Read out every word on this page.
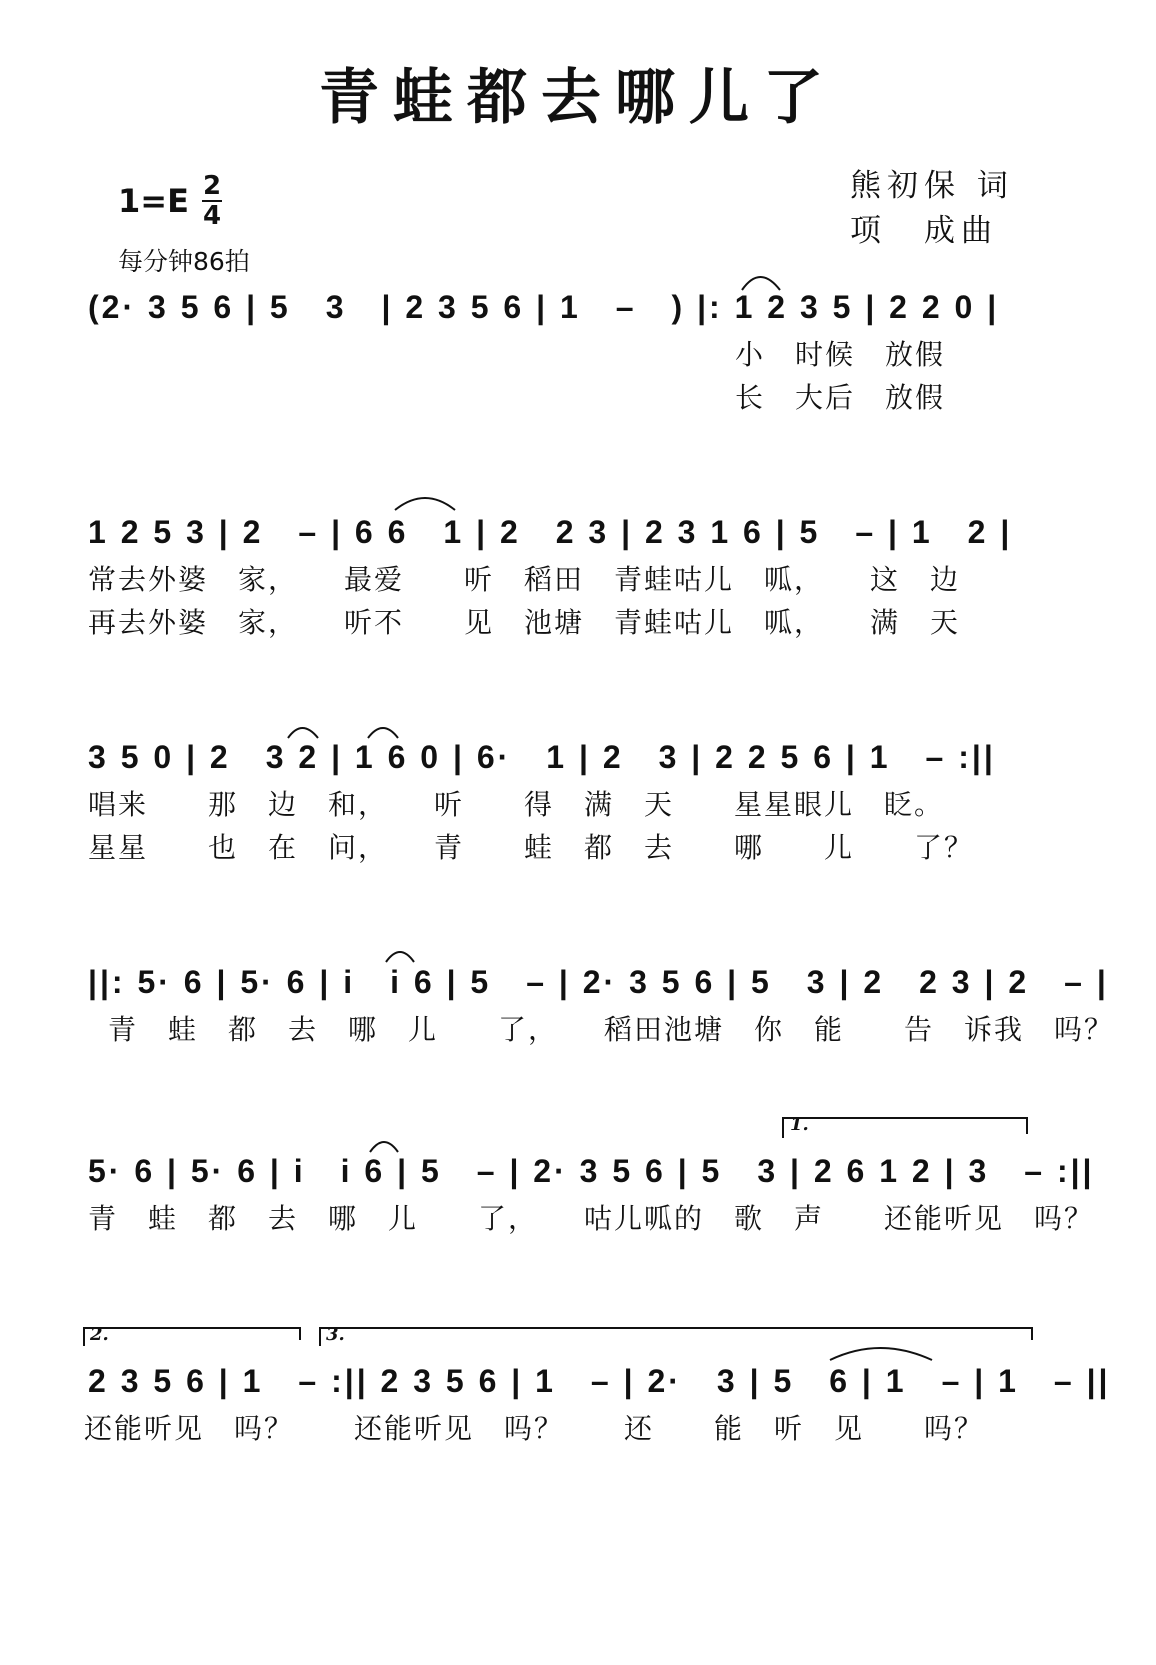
青蛙都去哪儿了
1=E 2
4
每分钟86拍
熊初保 词
项　成曲
(2· 3 5 6 | 5　3　| 2 3 5 6 | 1　–　) |: 1 2 3 5 | 2 2 0 |
小　时候　放假
长　大后　放假
1 2 5 3 | 2　– | 6 6　1 | 2　2 3 | 2 3 1 6 | 5　– | 1　2 |
常去外婆　家，　　最爱　　听　稻田　青蛙咕儿　呱，　　这　边
再去外婆　家，　　听不　　见　池塘　青蛙咕儿　呱，　　满　天
3 5 0 | 2　3 2 | 1 6 0 | 6·　1 | 2　3 | 2 2 5 6 | 1　– :||
唱来　　那　边　和，　　听　　得　满　天　　星星眼儿　眨。
星星　　也　在　问，　　青　　蛙　都　去　　哪　　儿　　了？
||: 5· 6 | 5· 6 | i　i 6 | 5　– | 2· 3 5 6 | 5　3 | 2　2 3 | 2　– |
青　蛙　都　去　哪　儿　　了，　　稻田池塘　你　能　　告　诉我　吗？
1.
5· 6 | 5· 6 | i　i 6 | 5　– | 2· 3 5 6 | 5　3 | 2 6 1 2 | 3　– :||
青　蛙　都　去　哪　儿　　了，　　咕儿呱的　歌　声　　还能听见　吗？
2.	3.
2 3 5 6 | 1　– :|| 2 3 5 6 | 1　– | 2·　3 | 5　6 | 1　– | 1　– ||
还能听见　吗？　　还能听见　吗？　　还　　能　听　见　　吗？
